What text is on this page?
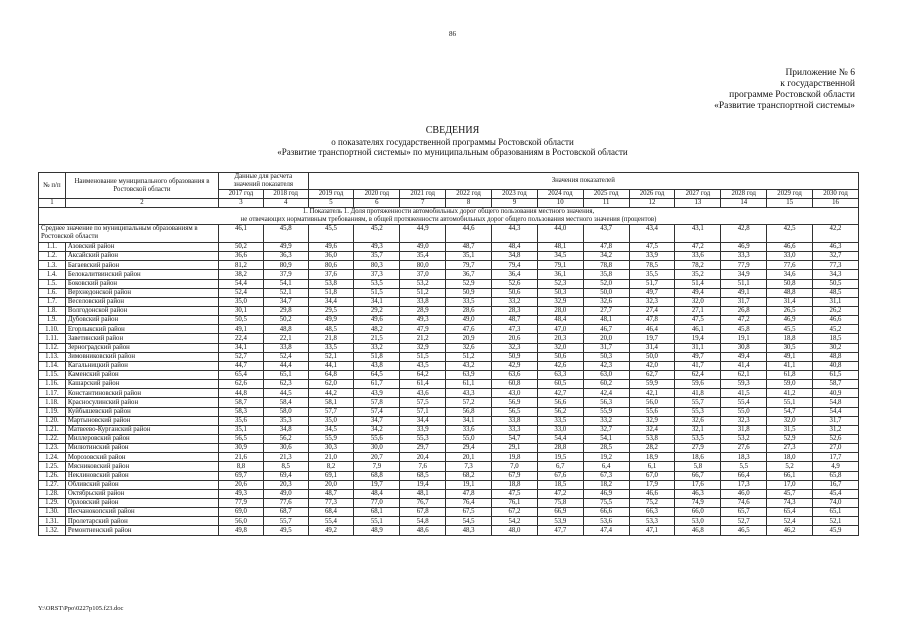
86
Приложение № 6
к государственной
программе Ростовской области
«Развитие транспортной системы»
СВЕДЕНИЯ
о показателях государственной программы Ростовской области
«Развитие транспортной системы» по муниципальным образованиям в Ростовской области
№ п/п	Наименование муниципального образования в Ростовской области	Данные для расчета значений показателя		Значения показателей											
		2017 год	2018 год	2019 год	2020 год	2021 год	2022 год	2023 год	2024 год	2025 год	2026 год	2027 год	2028 год	2029 год	2030 год
1	2	3	4	5	6	7	8	9	10	11	12	13	14	15	16

1. Показатель 1. Доля протяженности автомобильных дорог общего пользования местного значения,
не отвечающих нормативным требованиям, в общей протяженности автомобильных дорог общего пользования местного значения (процентов)															

Среднее значение по муниципальным образованиям в Ростовской области		46,1	45,8	45,5	45,2	44,9	44,6	44,3	44,0	43,7	43,4	43,1	42,8	42,5	42,2
1.1.	Азовский район	50,2	49,9	49,6	49,3	49,0	48,7	48,4	48,1	47,8	47,5	47,2	46,9	46,6	46,3
1.2.	Аксайский район	36,6	36,3	36,0	35,7	35,4	35,1	34,8	34,5	34,2	33,9	33,6	33,3	33,0	32,7
1.3.	Багаевский район	81,2	80,9	80,6	80,3	80,0	79,7	79,4	79,1	78,8	78,5	78,2	77,9	77,6	77,3
1.4.	Белокалитвинский район	38,2	37,9	37,6	37,3	37,0	36,7	36,4	36,1	35,8	35,5	35,2	34,9	34,6	34,3
1.5.	Боковский район	54,4	54,1	53,8	53,5	53,2	52,9	52,6	52,3	52,0	51,7	51,4	51,1	50,8	50,5
1.6.	Верхнедонской район	52,4	52,1	51,8	51,5	51,2	50,9	50,6	50,3	50,0	49,7	49,4	49,1	48,8	48,5
1.7.	Веселовский район	35,0	34,7	34,4	34,1	33,8	33,5	33,2	32,9	32,6	32,3	32,0	31,7	31,4	31,1
1.8.	Волгодонской район	30,1	29,8	29,5	29,2	28,9	28,6	28,3	28,0	27,7	27,4	27,1	26,8	26,5	26,2
1.9.	Дубовский район	50,5	50,2	49,9	49,6	49,3	49,0	48,7	48,4	48,1	47,8	47,5	47,2	46,9	46,6
1.10.	Егорлыкский район	49,1	48,8	48,5	48,2	47,9	47,6	47,3	47,0	46,7	46,4	46,1	45,8	45,5	45,2
1.11.	Заветинский район	22,4	22,1	21,8	21,5	21,2	20,9	20,6	20,3	20,0	19,7	19,4	19,1	18,8	18,5
1.12.	Зерноградский район	34,1	33,8	33,5	33,2	32,9	32,6	32,3	32,0	31,7	31,4	31,1	30,8	30,5	30,2
1.13.	Зимовниковский район	52,7	52,4	52,1	51,8	51,5	51,2	50,9	50,6	50,3	50,0	49,7	49,4	49,1	48,8
1.14.	Кагальницкий район	44,7	44,4	44,1	43,8	43,5	43,2	42,9	42,6	42,3	42,0	41,7	41,4	41,1	40,8
1.15.	Каменский район	65,4	65,1	64,8	64,5	64,2	63,9	63,6	63,3	63,0	62,7	62,4	62,1	61,8	61,5
1.16.	Кашарский район	62,6	62,3	62,0	61,7	61,4	61,1	60,8	60,5	60,2	59,9	59,6	59,3	59,0	58,7
1.17.	Константиновский район	44,8	44,5	44,2	43,9	43,6	43,3	43,0	42,7	42,4	42,1	41,8	41,5	41,2	40,9
1.18.	Красносулинский район	58,7	58,4	58,1	57,8	57,5	57,2	56,9	56,6	56,3	56,0	55,7	55,4	55,1	54,8
1.19.	Куйбышевский район	58,3	58,0	57,7	57,4	57,1	56,8	56,5	56,2	55,9	55,6	55,3	55,0	54,7	54,4
1.20.	Мартыновский район	35,6	35,3	35,0	34,7	34,4	34,1	33,8	33,5	33,2	32,9	32,6	32,3	32,0	31,7
1.21.	Матвеево-Курганский район	35,1	34,8	34,5	34,2	33,9	33,6	33,3	33,0	32,7	32,4	32,1	31,8	31,5	31,2
1.22.	Миллеровский район	56,5	56,2	55,9	55,6	55,3	55,0	54,7	54,4	54,1	53,8	53,5	53,2	52,9	52,6
1.23.	Милютинский район	30,9	30,6	30,3	30,0	29,7	29,4	29,1	28,8	28,5	28,2	27,9	27,6	27,3	27,0
1.24.	Морозовский район	21,6	21,3	21,0	20,7	20,4	20,1	19,8	19,5	19,2	18,9	18,6	18,3	18,0	17,7
1.25.	Мясниковский район	8,8	8,5	8,2	7,9	7,6	7,3	7,0	6,7	6,4	6,1	5,8	5,5	5,2	4,9
1.26.	Неклиновский район	69,7	69,4	69,1	68,8	68,5	68,2	67,9	67,6	67,3	67,0	66,7	66,4	66,1	65,8
1.27.	Обливский район	20,6	20,3	20,0	19,7	19,4	19,1	18,8	18,5	18,2	17,9	17,6	17,3	17,0	16,7
1.28.	Октябрьский район	49,3	49,0	48,7	48,4	48,1	47,8	47,5	47,2	46,9	46,6	46,3	46,0	45,7	45,4
1.29.	Орловский район	77,9	77,6	77,3	77,0	76,7	76,4	76,1	75,8	75,5	75,2	74,9	74,6	74,3	74,0
1.30.	Песчанокопский район	69,0	68,7	68,4	68,1	67,8	67,5	67,2	66,9	66,6	66,3	66,0	65,7	65,4	65,1
1.31.	Пролетарский район	56,0	55,7	55,4	55,1	54,8	54,5	54,2	53,9	53,6	53,3	53,0	52,7	52,4	52,1
1.32.	Ремонтненский район	49,8	49,5	49,2	48,9	48,6	48,3	48,0	47,7	47,4	47,1	46,8	46,5	46,2	45,9
Y:\ORST\Ppo\0227p105.f23.doc
